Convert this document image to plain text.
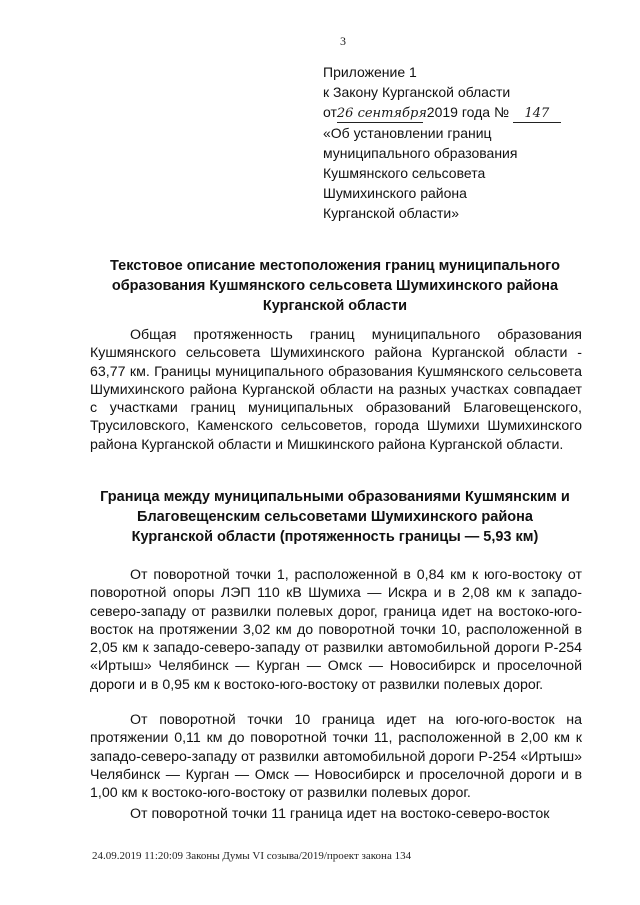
3
Приложение 1
к Закону Курганской области
от26 сентября 2019 года № 147
«Об установлении границ
муниципального образования
Кушмянского сельсовета
Шумихинского района
Курганской области»
Текстовое описание местоположения границ муниципального образования Кушмянского сельсовета Шумихинского района Курганской области

Общая протяженность границ муниципального образования Кушмянского сельсовета Шумихинского района Курганской области - 63,77 км. Границы муниципального образования Кушмянского сельсовета Шумихинского района Курганской области на разных участках совпадает с участками границ муниципальных образований Благовещенского, Трусиловского, Каменского сельсоветов, города Шумихи Шумихинского района Курганской области и Мишкинского района Курганской области.

Граница между муниципальными образованиями Кушмянским и Благовещенским сельсоветами Шумихинского района Курганской области (протяженность границы — 5,93 км)

От поворотной точки 1, расположенной в 0,84 км к юго-востоку от поворотной опоры ЛЭП 110 кВ Шумиха — Искра и в 2,08 км к западо-северо-западу от развилки полевых дорог, граница идет на востоко-юго-восток на протяжении 3,02 км до поворотной точки 10, расположенной в 2,05 км к западо-северо-западу от развилки автомобильной дороги Р-254 «Иртыш» Челябинск — Курган — Омск — Новосибирск и проселочной дороги и в 0,95 км к востоко-юго-востоку от развилки полевых дорог.

От поворотной точки 10 граница идет на юго-юго-восток на протяжении 0,11 км до поворотной точки 11, расположенной в 2,00 км к западо-северо-западу от развилки автомобильной дороги Р-254 «Иртыш» Челябинск — Курган — Омск — Новосибирск и проселочной дороги и в 1,00 км к востоко-юго-востоку от развилки полевых дорог.

От поворотной точки 11 граница идет на востоко-северо-восток

24.09.2019 11:20:09 Законы Думы VI созыва/2019/проект закона 134
